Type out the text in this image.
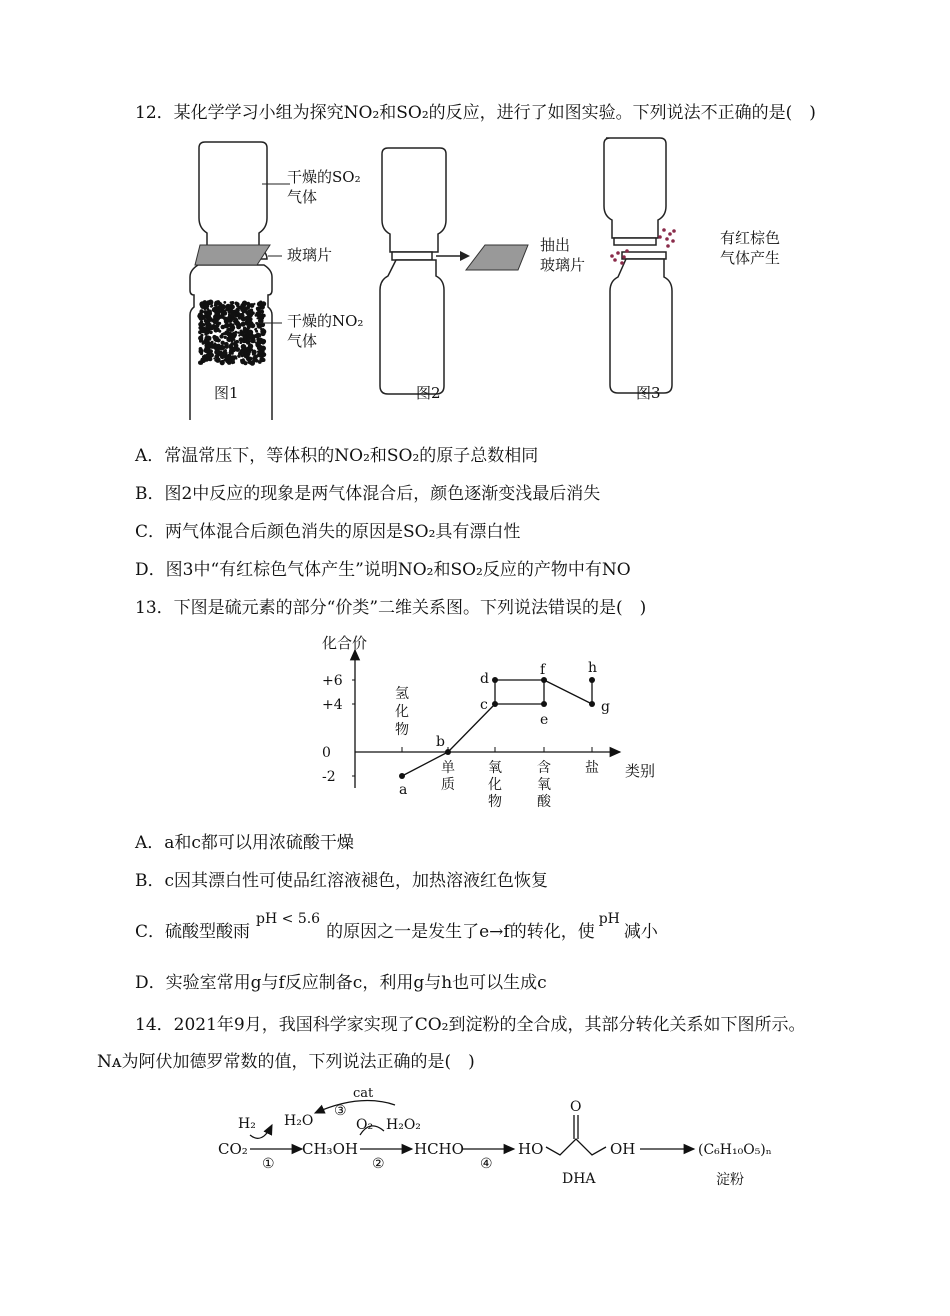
12．某化学学习小组为探究NO₂和SO₂的反应，进行了如图实验。下列说法不正确的是(　)
干燥的SO₂
气体
玻璃片
干燥的NO₂
气体
图1
抽出
玻璃片
图2
有红棕色
气体产生
图3
A．常温常压下，等体积的NO₂和SO₂的原子总数相同
B．图2中反应的现象是两气体混合后，颜色逐渐变浅最后消失
C．两气体混合后颜色消失的原因是SO₂具有漂白性
D．图3中“有红棕色气体产生”说明NO₂和SO₂反应的产物中有NO
13．下图是硫元素的部分“价类”二维关系图。下列说法错误的是(　)
化合价
类别
+6
+4
0
-2
a
b
c
d
e
f
g
h
氢
化
物
单
质
氧
化
物
含
氧
酸
盐
A．a和c都可以用浓硫酸干燥
B．c因其漂白性可使品红溶液褪色，加热溶液红色恢复
C．硫酸型酸雨$^{pH < 5.6}$的原因之一是发生了e→f的转化，使$^{pH}$减小
D．实验室常用g与f反应制备c，利用g与h也可以生成c
14．2021年9月，我国科学家实现了CO₂到淀粉的全合成，其部分转化关系如下图所示。
Nᴀ为阿伏加德罗常数的值，下列说法正确的是(　)
CO₂
H₂ H₂O
①
CH₃OH
cat
③
O₂ H₂O₂
②
HCHO
④
HO
O
OH
DHA
(C₆H₁₀O₅)ₙ
淀粉
